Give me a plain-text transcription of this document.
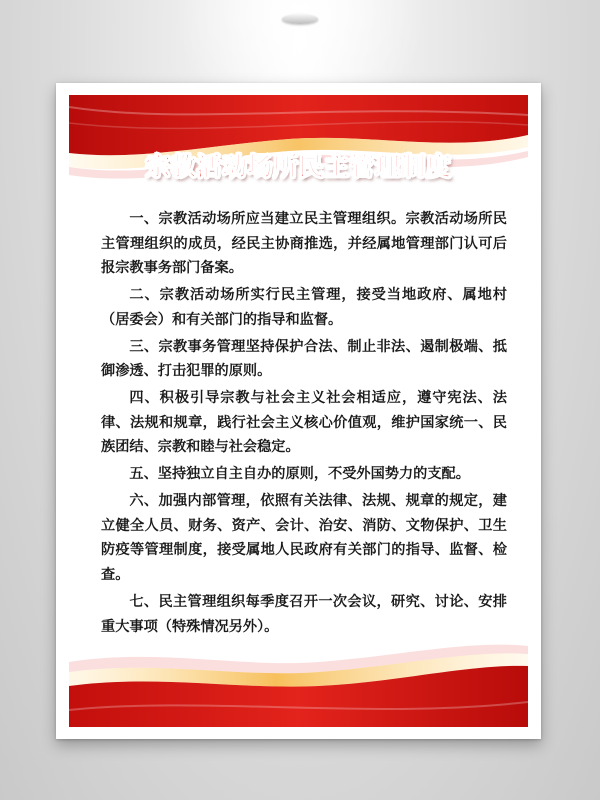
宗教活动场所民主管理制度

一、宗教活动场所应当建立民主管理组织。宗教活动场所民主管理组织的成员，经民主协商推选，并经属地管理部门认可后报宗教事务部门备案。

二、宗教活动场所实行民主管理，接受当地政府、属地村（居委会）和有关部门的指导和监督。

三、宗教事务管理坚持保护合法、制止非法、遏制极端、抵御渗透、打击犯罪的原则。

四、积极引导宗教与社会主义社会相适应，遵守宪法、法律、法规和规章，践行社会主义核心价值观，维护国家统一、民族团结、宗教和睦与社会稳定。

五、坚持独立自主自办的原则，不受外国势力的支配。

六、加强内部管理，依照有关法律、法规、规章的规定，建立健全人员、财务、资产、会计、治安、消防、文物保护、卫生防疫等管理制度，接受属地人民政府有关部门的指导、监督、检查。

七、民主管理组织每季度召开一次会议，研究、讨论、安排重大事项（特殊情况另外）。
